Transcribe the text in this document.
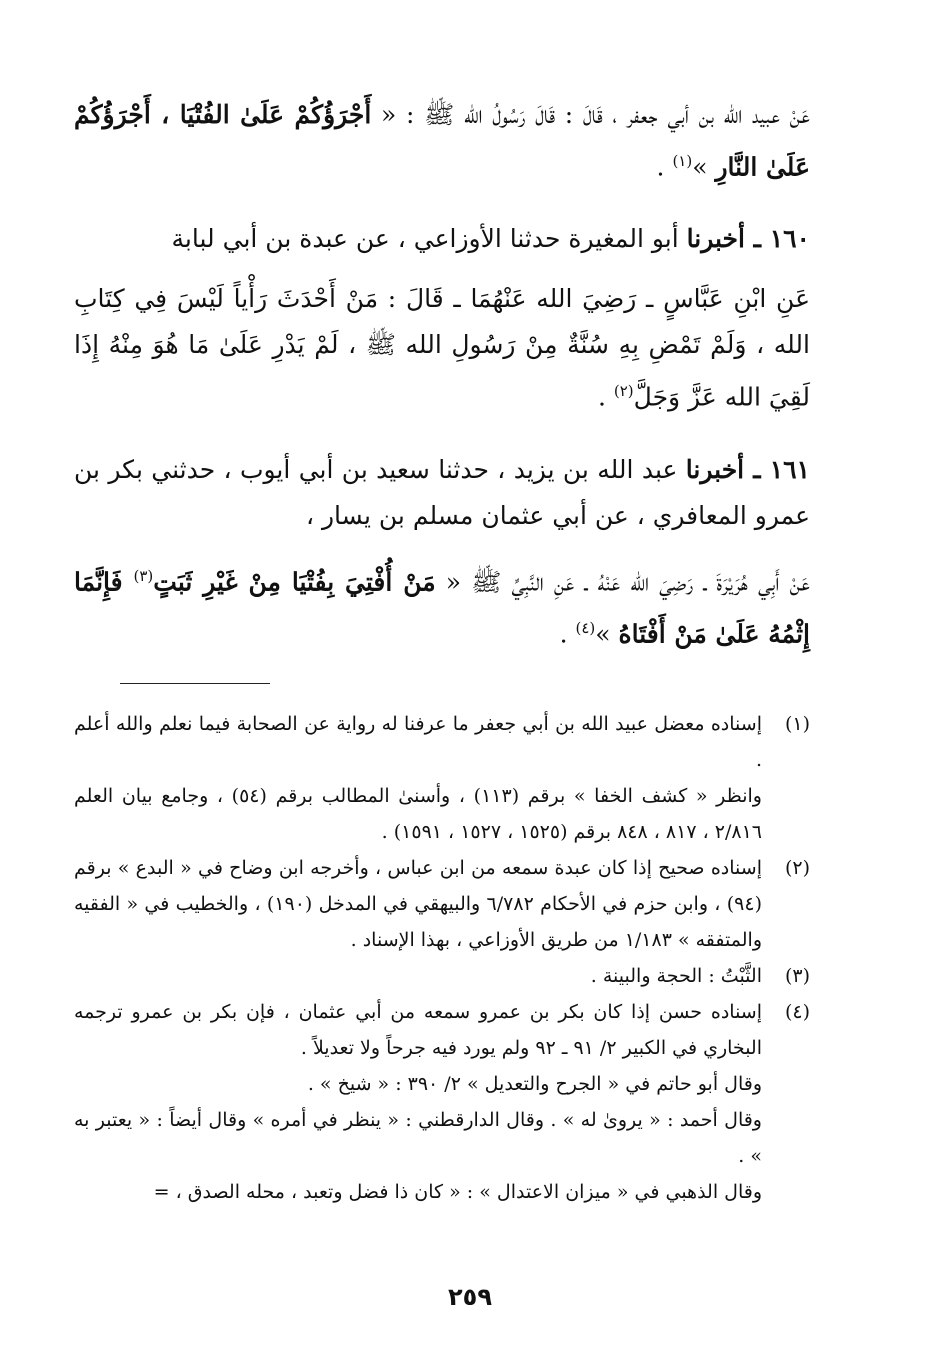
عَنْ عبيد الله بن أبي جعفر ، قَالَ : قَالَ رَسُولُ الله ﷺ : « أَجْرَؤُكُمْ عَلَىٰ الفُتْيَا ، أَجْرَؤُكُمْ عَلَىٰ النَّارِ »$^{(١)}$ .

١٦٠ ـ أخبرنا أبو المغيرة حدثنا الأوزاعي ، عن عبدة بن أبي لبابة

عَنِ ابْنِ عَبَّاسٍ ـ رَضِيَ الله عَنْهُمَا ـ قَالَ : مَنْ أَحْدَثَ رَأْياً لَيْسَ فِي كِتَابِ الله ، وَلَمْ تَمْضِ بِهِ سُنَّةٌ مِنْ رَسُولِ الله ﷺ ، لَمْ يَدْرِ عَلَىٰ مَا هُوَ مِنْهُ إِذَا لَقِيَ الله عَزَّ وَجَلَّ$^{(٢)}$ .

١٦١ ـ أخبرنا عبد الله بن يزيد ، حدثنا سعيد بن أبي أيوب ، حدثني بكر بن عمرو المعافري ، عن أبي عثمان مسلم بن يسار ،

عَنْ أَبِي هُرَيْرَةَ ـ رَضِيَ الله عَنْهُ ـ عَنِ النَّبِيِّ ﷺ « مَنْ أُفْتِيَ بِفُتْيَا مِنْ غَيْرِ ثَبَتٍ$^{(٣)}$ فَإِنَّمَا إِثْمُهُ عَلَىٰ مَنْ أَفْتَاهُ »$^{(٤)}$ .

(١)

إسناده معضل عبيد الله بن أبي جعفر ما عرفنا له رواية عن الصحابة فيما نعلم والله أعلم .

وانظر « كشف الخفا » برقم (١١٣) ، وأسنىٰ المطالب برقم (٥٤) ، وجامع بيان العلم ٢/٨١٦ ، ٨١٧ ، ٨٤٨ برقم (١٥٢٥ ، ١٥٢٧ ، ١٥٩١) .

(٢)

إسناده صحيح إذا كان عبدة سمعه من ابن عباس ، وأخرجه ابن وضاح في « البدع » برقم (٩٤) ، وابن حزم في الأحكام ٦/٧٨٢ والبيهقي في المدخل (١٩٠) ، والخطيب في « الفقيه والمتفقه » ١/١٨٣ من طريق الأوزاعي ، بهذا الإسناد .

(٣)

الثَّبْتُ : الحجة والبينة .

(٤)

إسناده حسن إذا كان بكر بن عمرو سمعه من أبي عثمان ، فإن بكر بن عمرو ترجمه البخاري في الكبير ٢/ ٩١ ـ ٩٢ ولم يورد فيه جرحاً ولا تعديلاً .

وقال أبو حاتم في « الجرح والتعديل » ٢/ ٣٩٠ : « شيخ » .

وقال أحمد : « يروىٰ له » . وقال الدارقطني : « ينظر في أمره » وقال أيضاً : « يعتبر به » .

وقال الذهبي في « ميزان الاعتدال » : « كان ذا فضل وتعبد ، محله الصدق ، =

٢٥٩
